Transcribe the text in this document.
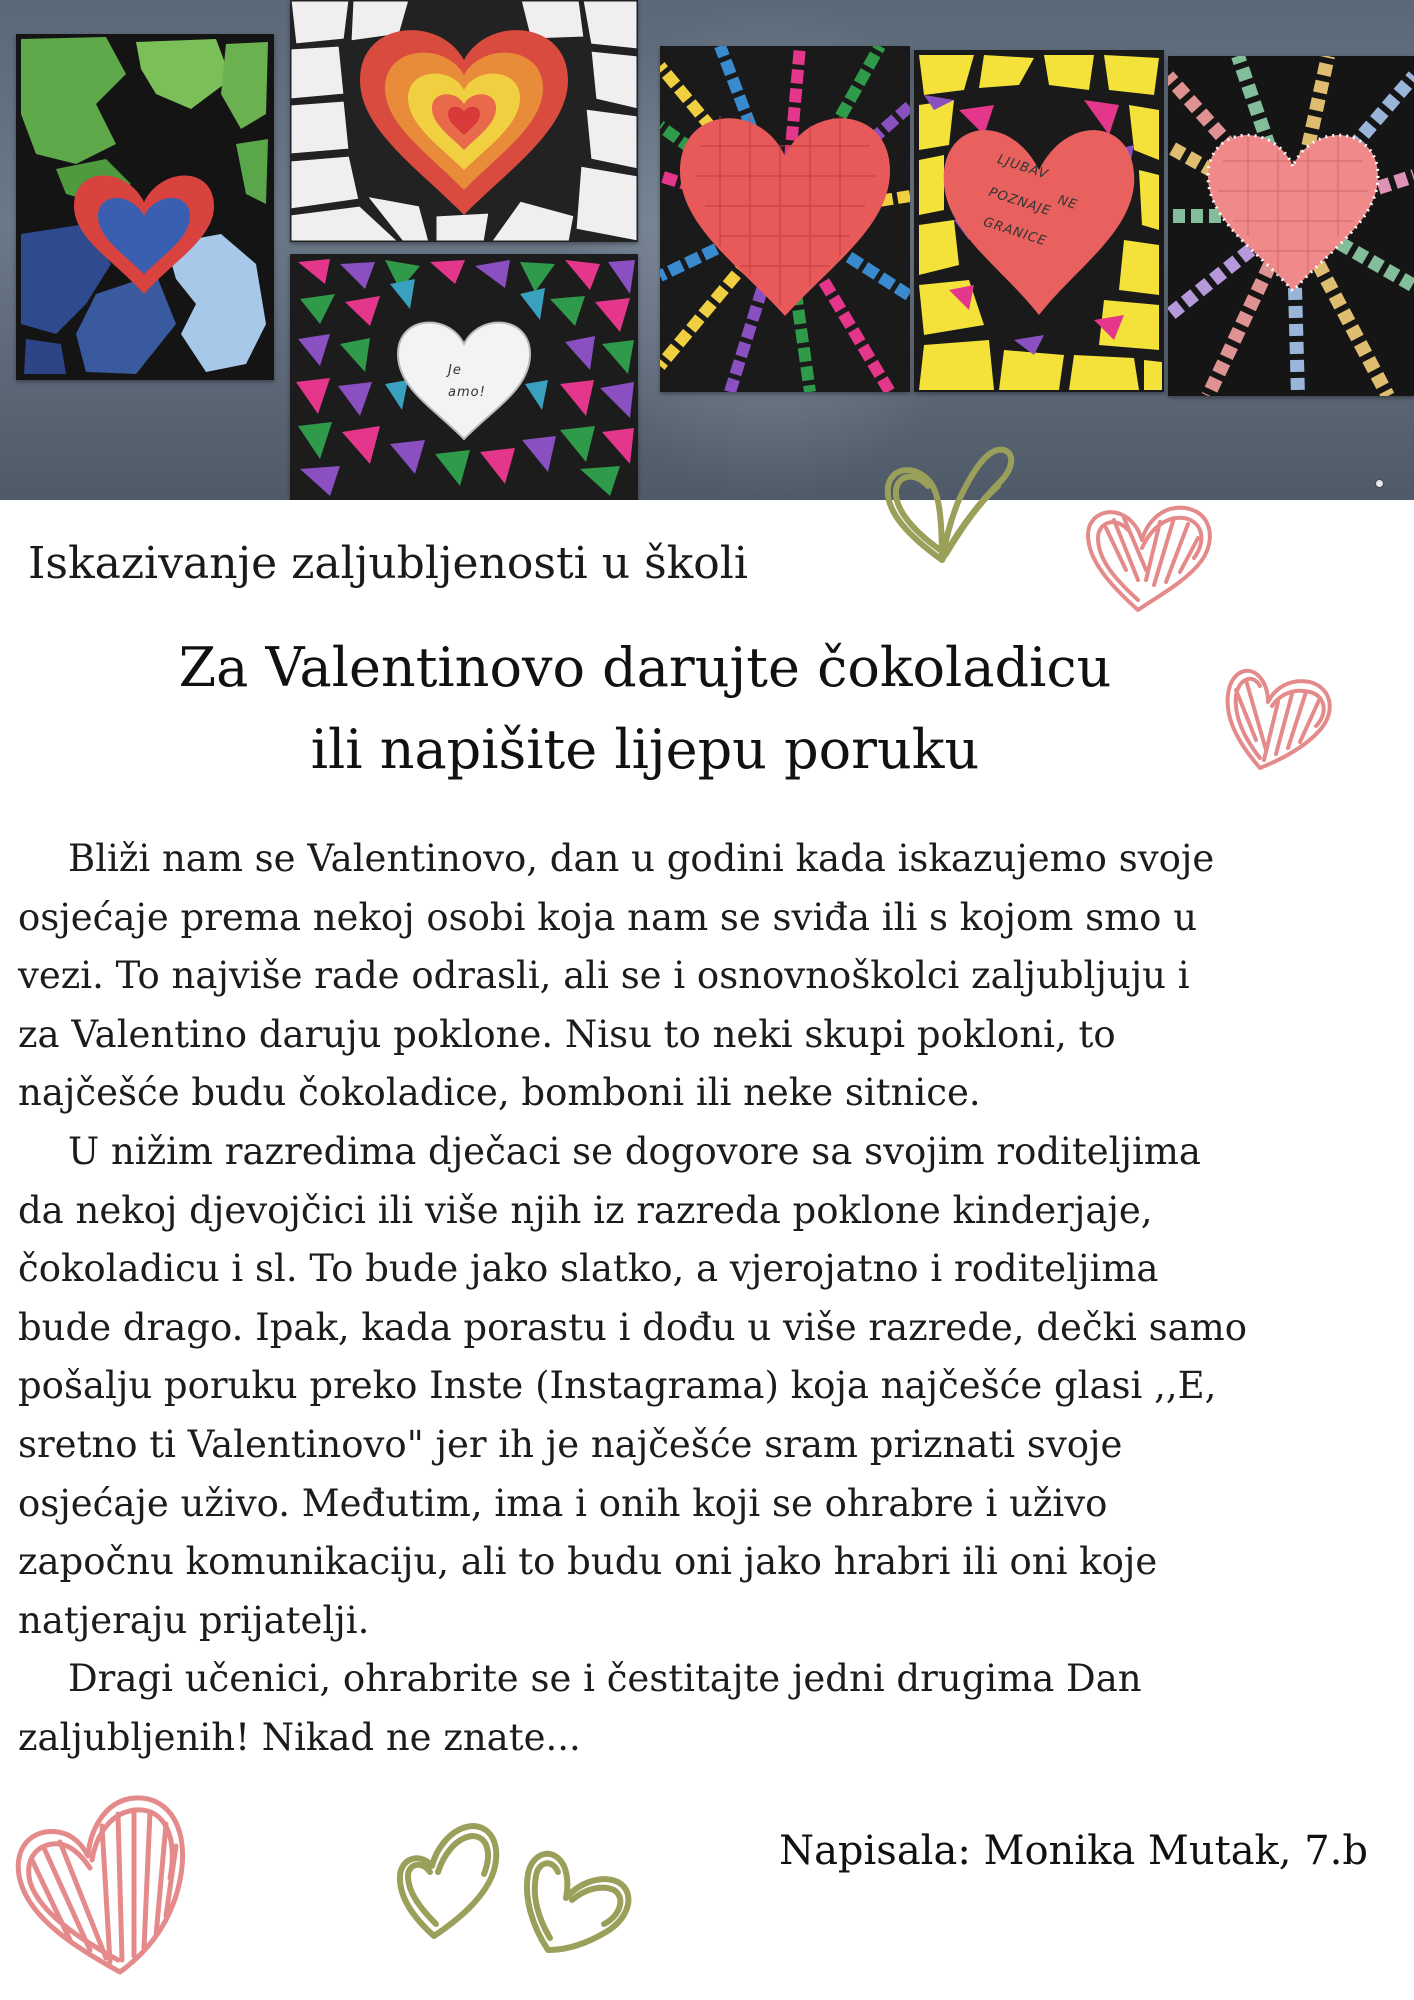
Je
amo!
LJUBAV
NE
POZNAJE
GRANICE
Iskazivanje zaljubljenosti u školi
Za Valentinovo darujte čokoladicu
ili napišite lijepu poruku
Bliži nam se Valentinovo, dan u godini kada iskazujemo svoje
osjećaje prema nekoj osobi koja nam se sviđa ili s kojom smo u
vezi. To najviše rade odrasli, ali se i osnovnoškolci zaljubljuju i
za Valentino daruju poklone. Nisu to neki skupi pokloni, to
najčešće budu čokoladice, bomboni ili neke sitnice.
U nižim razredima dječaci se dogovore sa svojim roditeljima
da nekoj djevojčici ili više njih iz razreda poklone kinderjaje,
čokoladicu i sl. To bude jako slatko, a vjerojatno i roditeljima
bude drago. Ipak, kada porastu i dođu u više razrede, dečki samo
pošalju poruku preko Inste (Instagrama) koja najčešće glasi ,,E,
sretno ti Valentinovo" jer ih je najčešće sram priznati svoje
osjećaje uživo. Međutim, ima i onih koji se ohrabre i uživo
započnu komunikaciju, ali to budu oni jako hrabri ili oni koje
natjeraju prijatelji.
Dragi učenici, ohrabrite se i čestitajte jedni drugima Dan
zaljubljenih! Nikad ne znate...

Napisala: Monika Mutak, 7.b
